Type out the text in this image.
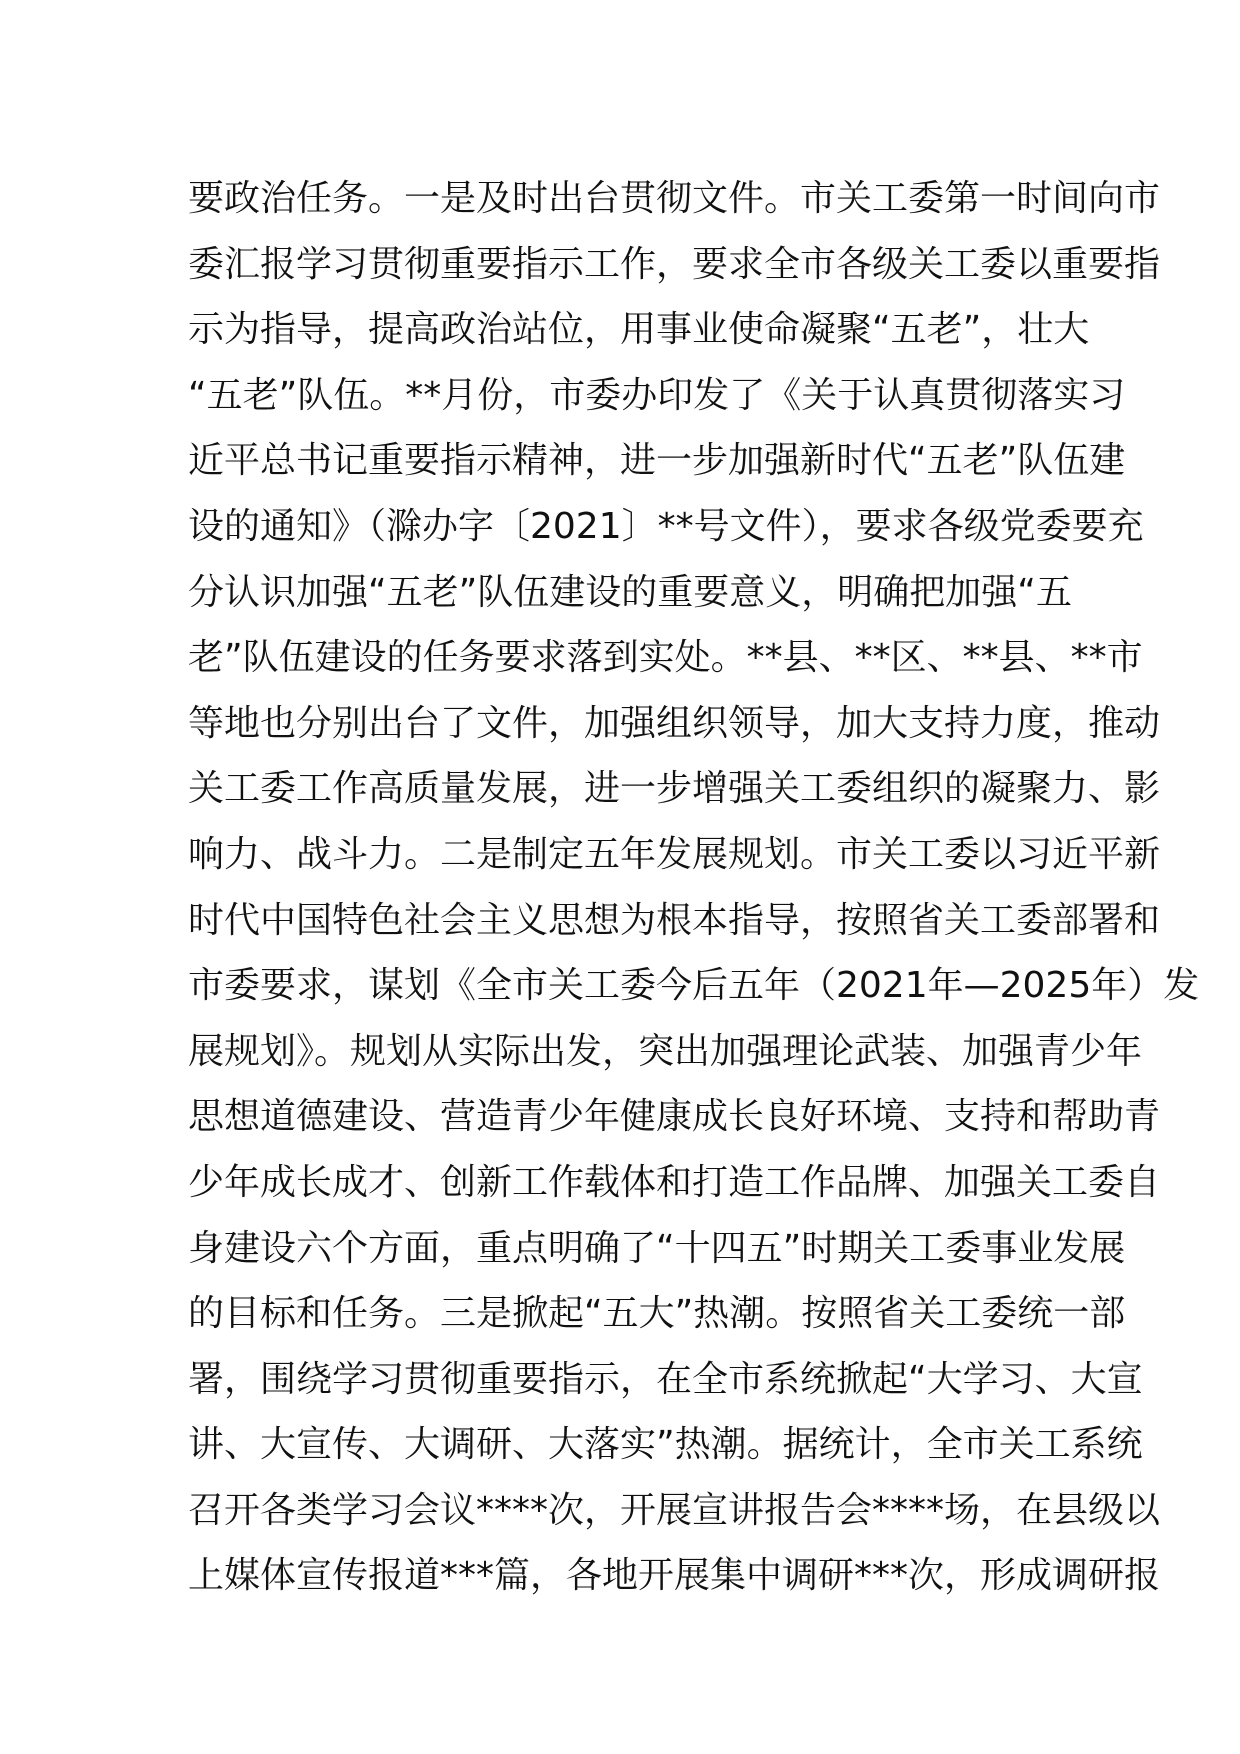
要政治任务。一是及时出台贯彻文件。市关工委第一时间向市
委汇报学习贯彻重要指示工作，要求全市各级关工委以重要指
示为指导，提高政治站位，用事业使命凝聚“五老”，壮大
“五老”队伍。**月份，市委办印发了《关于认真贯彻落实习
近平总书记重要指示精神，进一步加强新时代“五老”队伍建
设的通知》（滁办字〔2021〕**号文件），要求各级党委要充
分认识加强“五老”队伍建设的重要意义，明确把加强“五
老”队伍建设的任务要求落到实处。**县、**区、**县、**市
等地也分别出台了文件，加强组织领导，加大支持力度，推动
关工委工作高质量发展，进一步增强关工委组织的凝聚力、影
响力、战斗力。二是制定五年发展规划。市关工委以习近平新
时代中国特色社会主义思想为根本指导，按照省关工委部署和
市委要求，谋划《全市关工委今后五年（2021年—2025年）发
展规划》。规划从实际出发，突出加强理论武装、加强青少年
思想道德建设、营造青少年健康成长良好环境、支持和帮助青
少年成长成才、创新工作载体和打造工作品牌、加强关工委自
身建设六个方面，重点明确了“十四五”时期关工委事业发展
的目标和任务。三是掀起“五大”热潮。按照省关工委统一部
署，围绕学习贯彻重要指示，在全市系统掀起“大学习、大宣
讲、大宣传、大调研、大落实”热潮。据统计，全市关工系统
召开各类学习会议****次，开展宣讲报告会****场，在县级以
上媒体宣传报道***篇，各地开展集中调研***次，形成调研报
